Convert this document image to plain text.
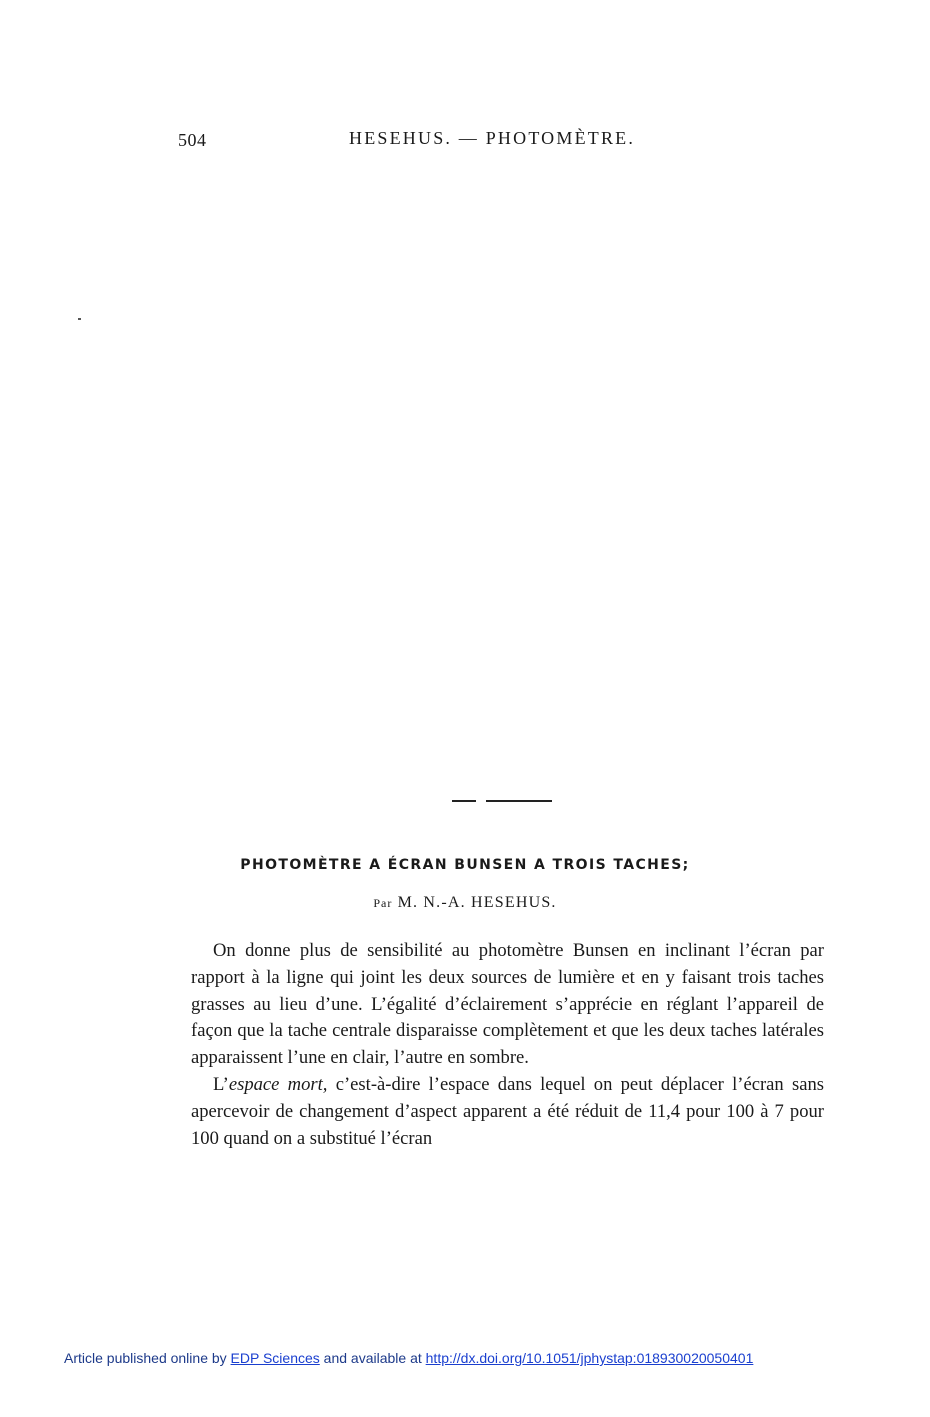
504	HESEHUS. — PHOTOMÈTRE.
PHOTOMÈTRE A ÉCRAN BUNSEN A TROIS TACHES;
Par M. N.-A. HESEHUS.

On donne plus de sensibilité au photomètre Bunsen en inclinant l’écran par rapport à la ligne qui joint les deux sources de lumière et en y faisant trois taches grasses au lieu d’une. L’égalité d’éclairement s’apprécie en réglant l’appareil de façon que la tache centrale disparaisse complètement et que les deux taches latérales apparaissent l’une en clair, l’autre en sombre.

L’espace mort, c’est-à-dire l’espace dans lequel on peut déplacer l’écran sans apercevoir de changement d’aspect apparent a été réduit de 11,4 pour 100 à 7 pour 100 quand on a substitué l’écran

Article published online by EDP Sciences and available at http://dx.doi.org/10.1051/jphystap:018930020050401
